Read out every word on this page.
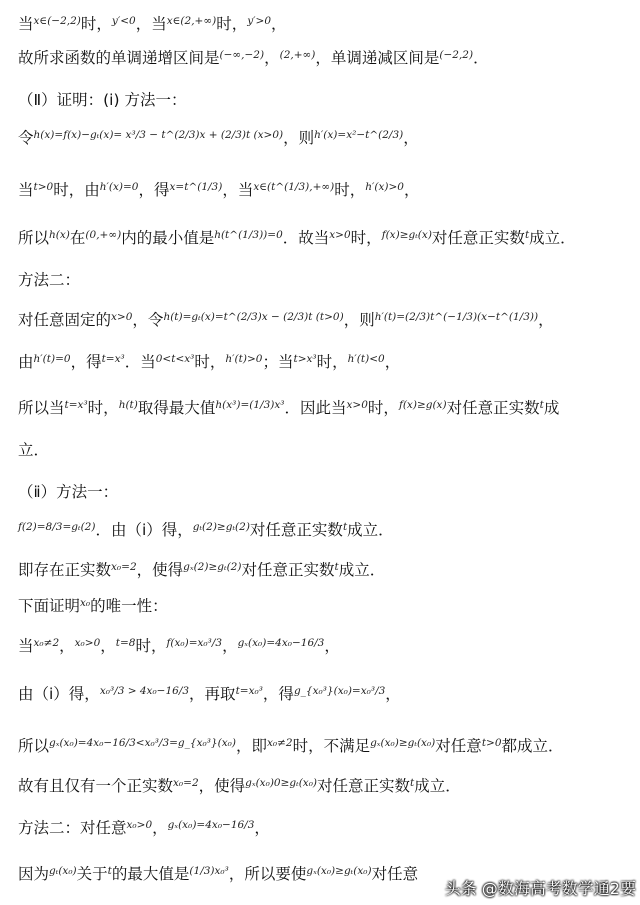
当$^{x\in(-2,2)}$时，$^{y'<0}$，当$^{x\in(2,+\infty)}$时，$^{y'>0}$，
故所求函数的单调递增区间是$^{(-\infty,-2)}$，$^{(2,+\infty)}$，单调递减区间是$^{(-2,2)}$．
（Ⅱ）证明：(ⅰ) 方法一：
令$^{h(x)=f(x)-g_t(x)= x^3/3 - t\^{}(2/3)x + (2/3)t (x>0)}$，则$^{h'(x)=x^2-t\^{}(2/3)}$，
当$^{t>0}$时，由$^{h'(x)=0}$，得$^{x=t\^{}(1/3)}$，当$^{x\in(t\^{}(1/3),+\infty)}$时，$^{h'(x)>0}$，
所以$^{h(x)}$在$^{(0,+\infty)}$内的最小值是$^{h(t\^{}(1/3))=0}$．故当$^{x>0}$时，$^{f(x)\ge g_t(x)}$对任意正实数$^t$成立．
方法二：
对任意固定的$^{x>0}$，令$^{h(t)=g_t(x)=t\^{}(2/3)x - (2/3)t (t>0)}$，则$^{h'(t)=(2/3)t\^{}(-1/3)(x-t\^{}(1/3))}$，
由$^{h'(t)=0}$，得$^{t=x^3}$．当$^{0<t<x^3}$时，$^{h'(t)>0}$；当$^{t>x^3}$时，$^{h'(t)<0}$，
所以当$^{t=x^3}$时，$^{h(t)}$取得最大值$^{h(x^3)=(1/3)x^3}$．因此当$^{x>0}$时，$^{f(x)\ge g(x)}$对任意正实数$^t$成
立．
（ⅱ）方法一：
$^{f(2)=8/3=g_t(2)}$．由（ⅰ）得，$^{g_t(2)\ge g_t(2)}$对任意正实数$^t$成立．
即存在正实数$^{x_0=2}$，使得$^{g_x(2)\ge g_t(2)}$对任意正实数$^t$成立．
下面证明$^{x_0}$的唯一性：
当$^{x_0\ne 2}$，$^{x_0>0}$，$^{t=8}$时，$^{f(x_0)=x_0^3/3}$，$^{g_x(x_0)=4x_0-16/3}$，
由（ⅰ）得，$^{x_0^3/3 > 4x_0-16/3}$，再取$^{t=x_0^3}$，得$^{g\_\{x_0^3\}(x_0)=x_0^3/3}$，
所以$^{g_x(x_0)=4x_0-16/3<x_0^3/3=g\_\{x_0^3\}(x_0)}$，即$^{x_0\ne 2}$时，不满足$^{g_x(x_0)\ge g_t(x_0)}$对任意$^{t>0}$都成立．
故有且仅有一个正实数$^{x_0=2}$，使得$^{g_x(x_0)0\ge g_t(x_0)}$对任意正实数$^t$成立．
方法二：对任意$^{x_0>0}$，$^{g_x(x_0)=4x_0-16/3}$，
因为$^{g_t(x_0)}$关于$^t$的最大值是$^{(1/3)x_0^3}$，所以要使$^{g_x(x_0)\ge g_t(x_0)}$对任意
头条 @数海高考数学通2要
